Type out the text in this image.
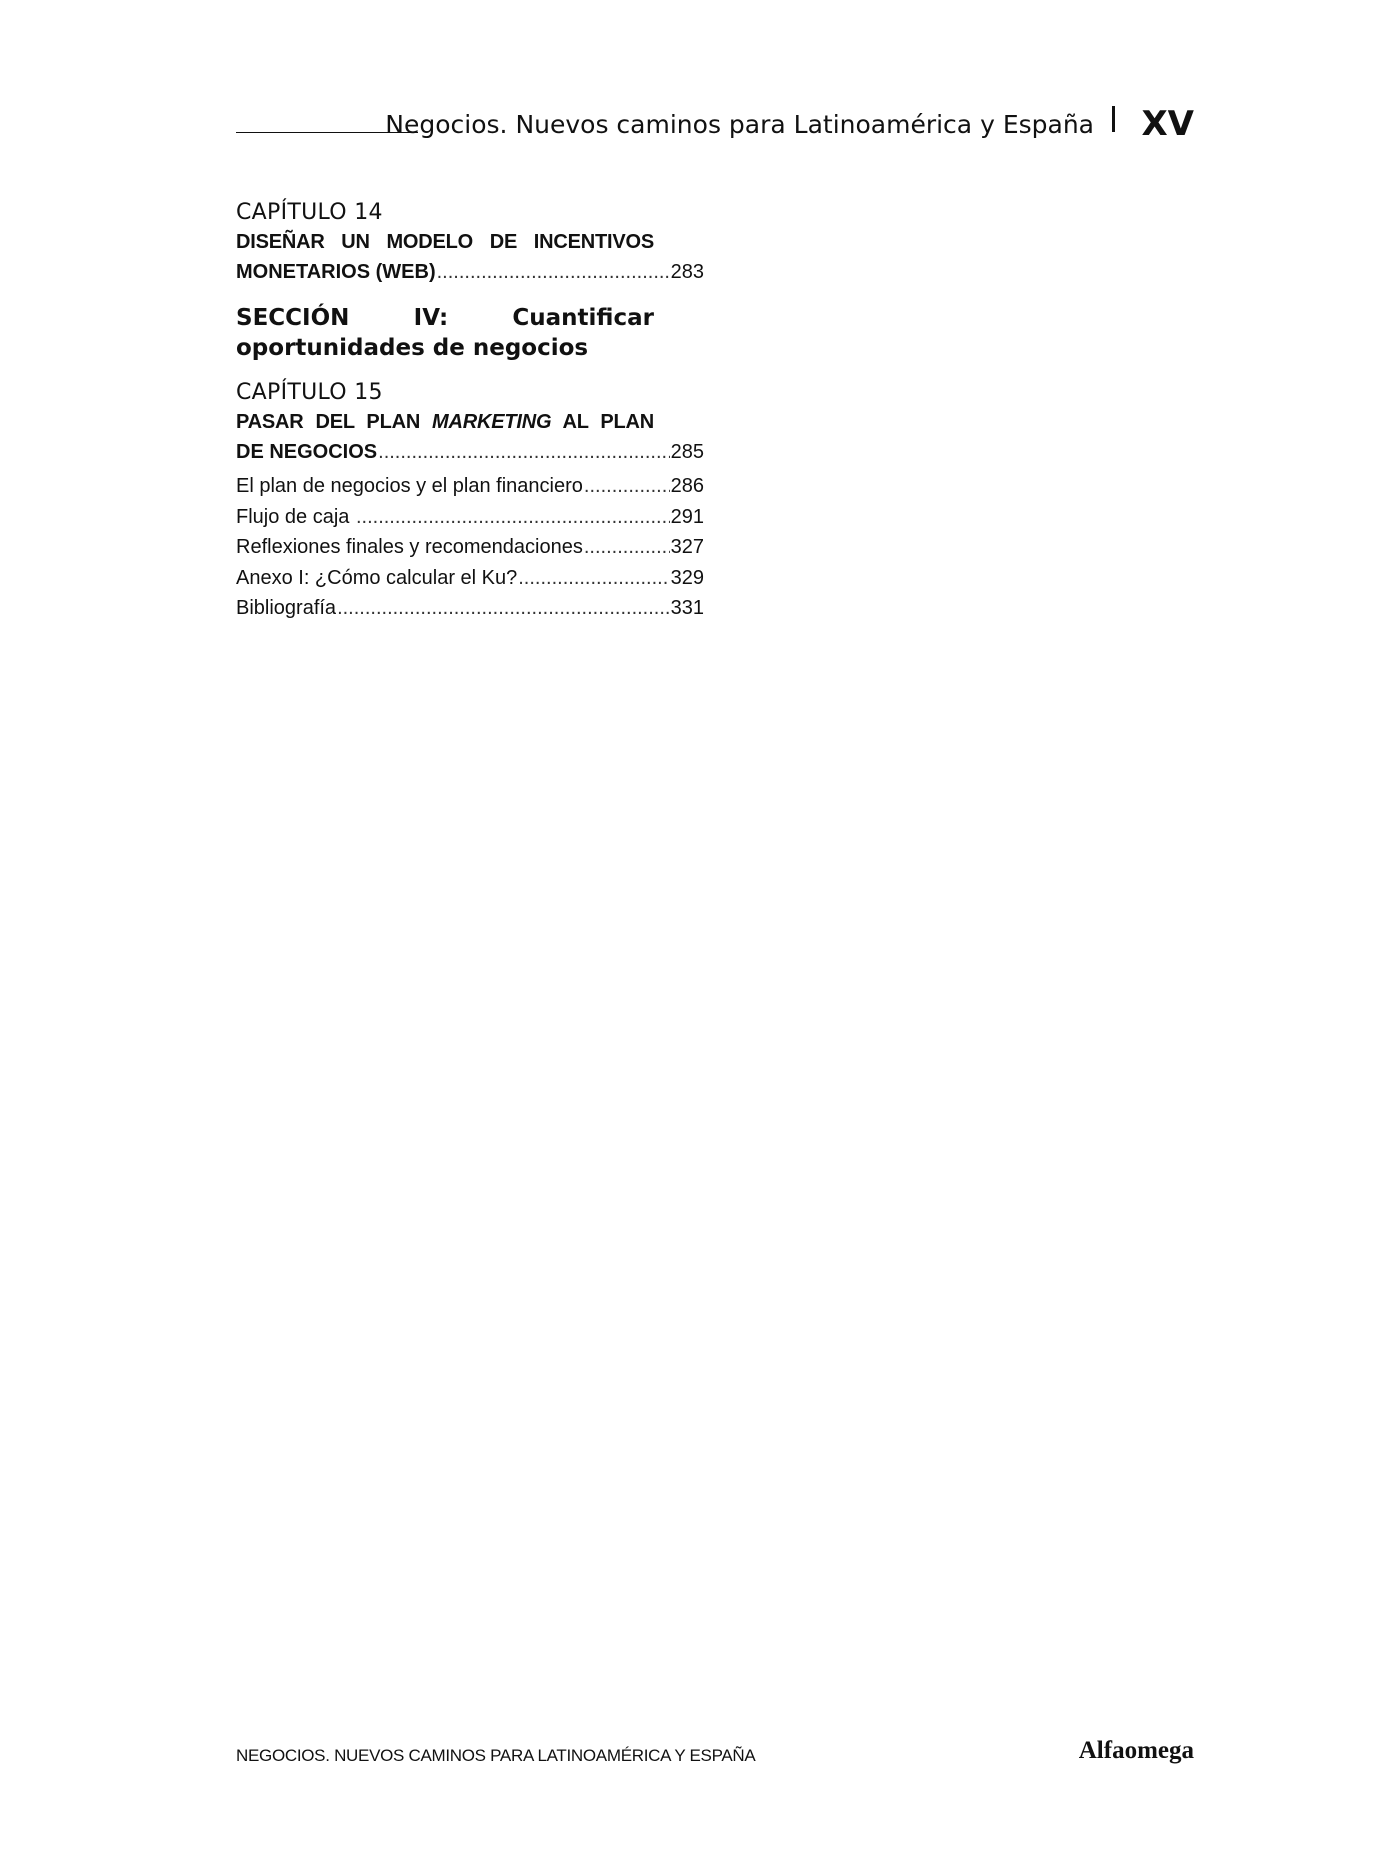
Negocios. Nuevos caminos para Latinoamérica y España XV
CAPÍTULO 14
DISEÑAR UN MODELO DE INCENTIVOS
MONETARIOS (WEB) .....	283
SECCIÓN	IV:	Cuantificar
oportunidades de negocios
CAPÍTULO 15
PASAR DEL PLAN MARKETING AL PLAN
DE NEGOCIOS .....	285
El plan de negocios y el plan financiero .....	286
Flujo de caja .....	291
Reflexiones finales y recomendaciones .....	327
Anexo I: ¿Cómo calcular el Ku? .....	329
Bibliografía .....	331
NEGOCIOS. NUEVOS CAMINOS PARA LATINOAMÉRICA Y ESPAÑA	Alfaomega
